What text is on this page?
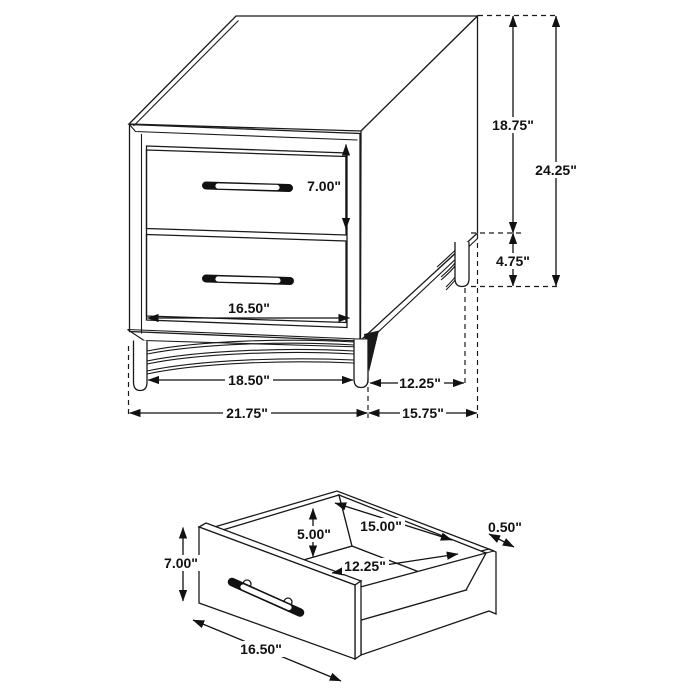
7.00"
16.50"
18.75"
24.25"
4.75"
18.50"	12.25"
21.75"	15.75"
7.00"
5.00" 15.00"
12.25"
0.50"
16.50"
